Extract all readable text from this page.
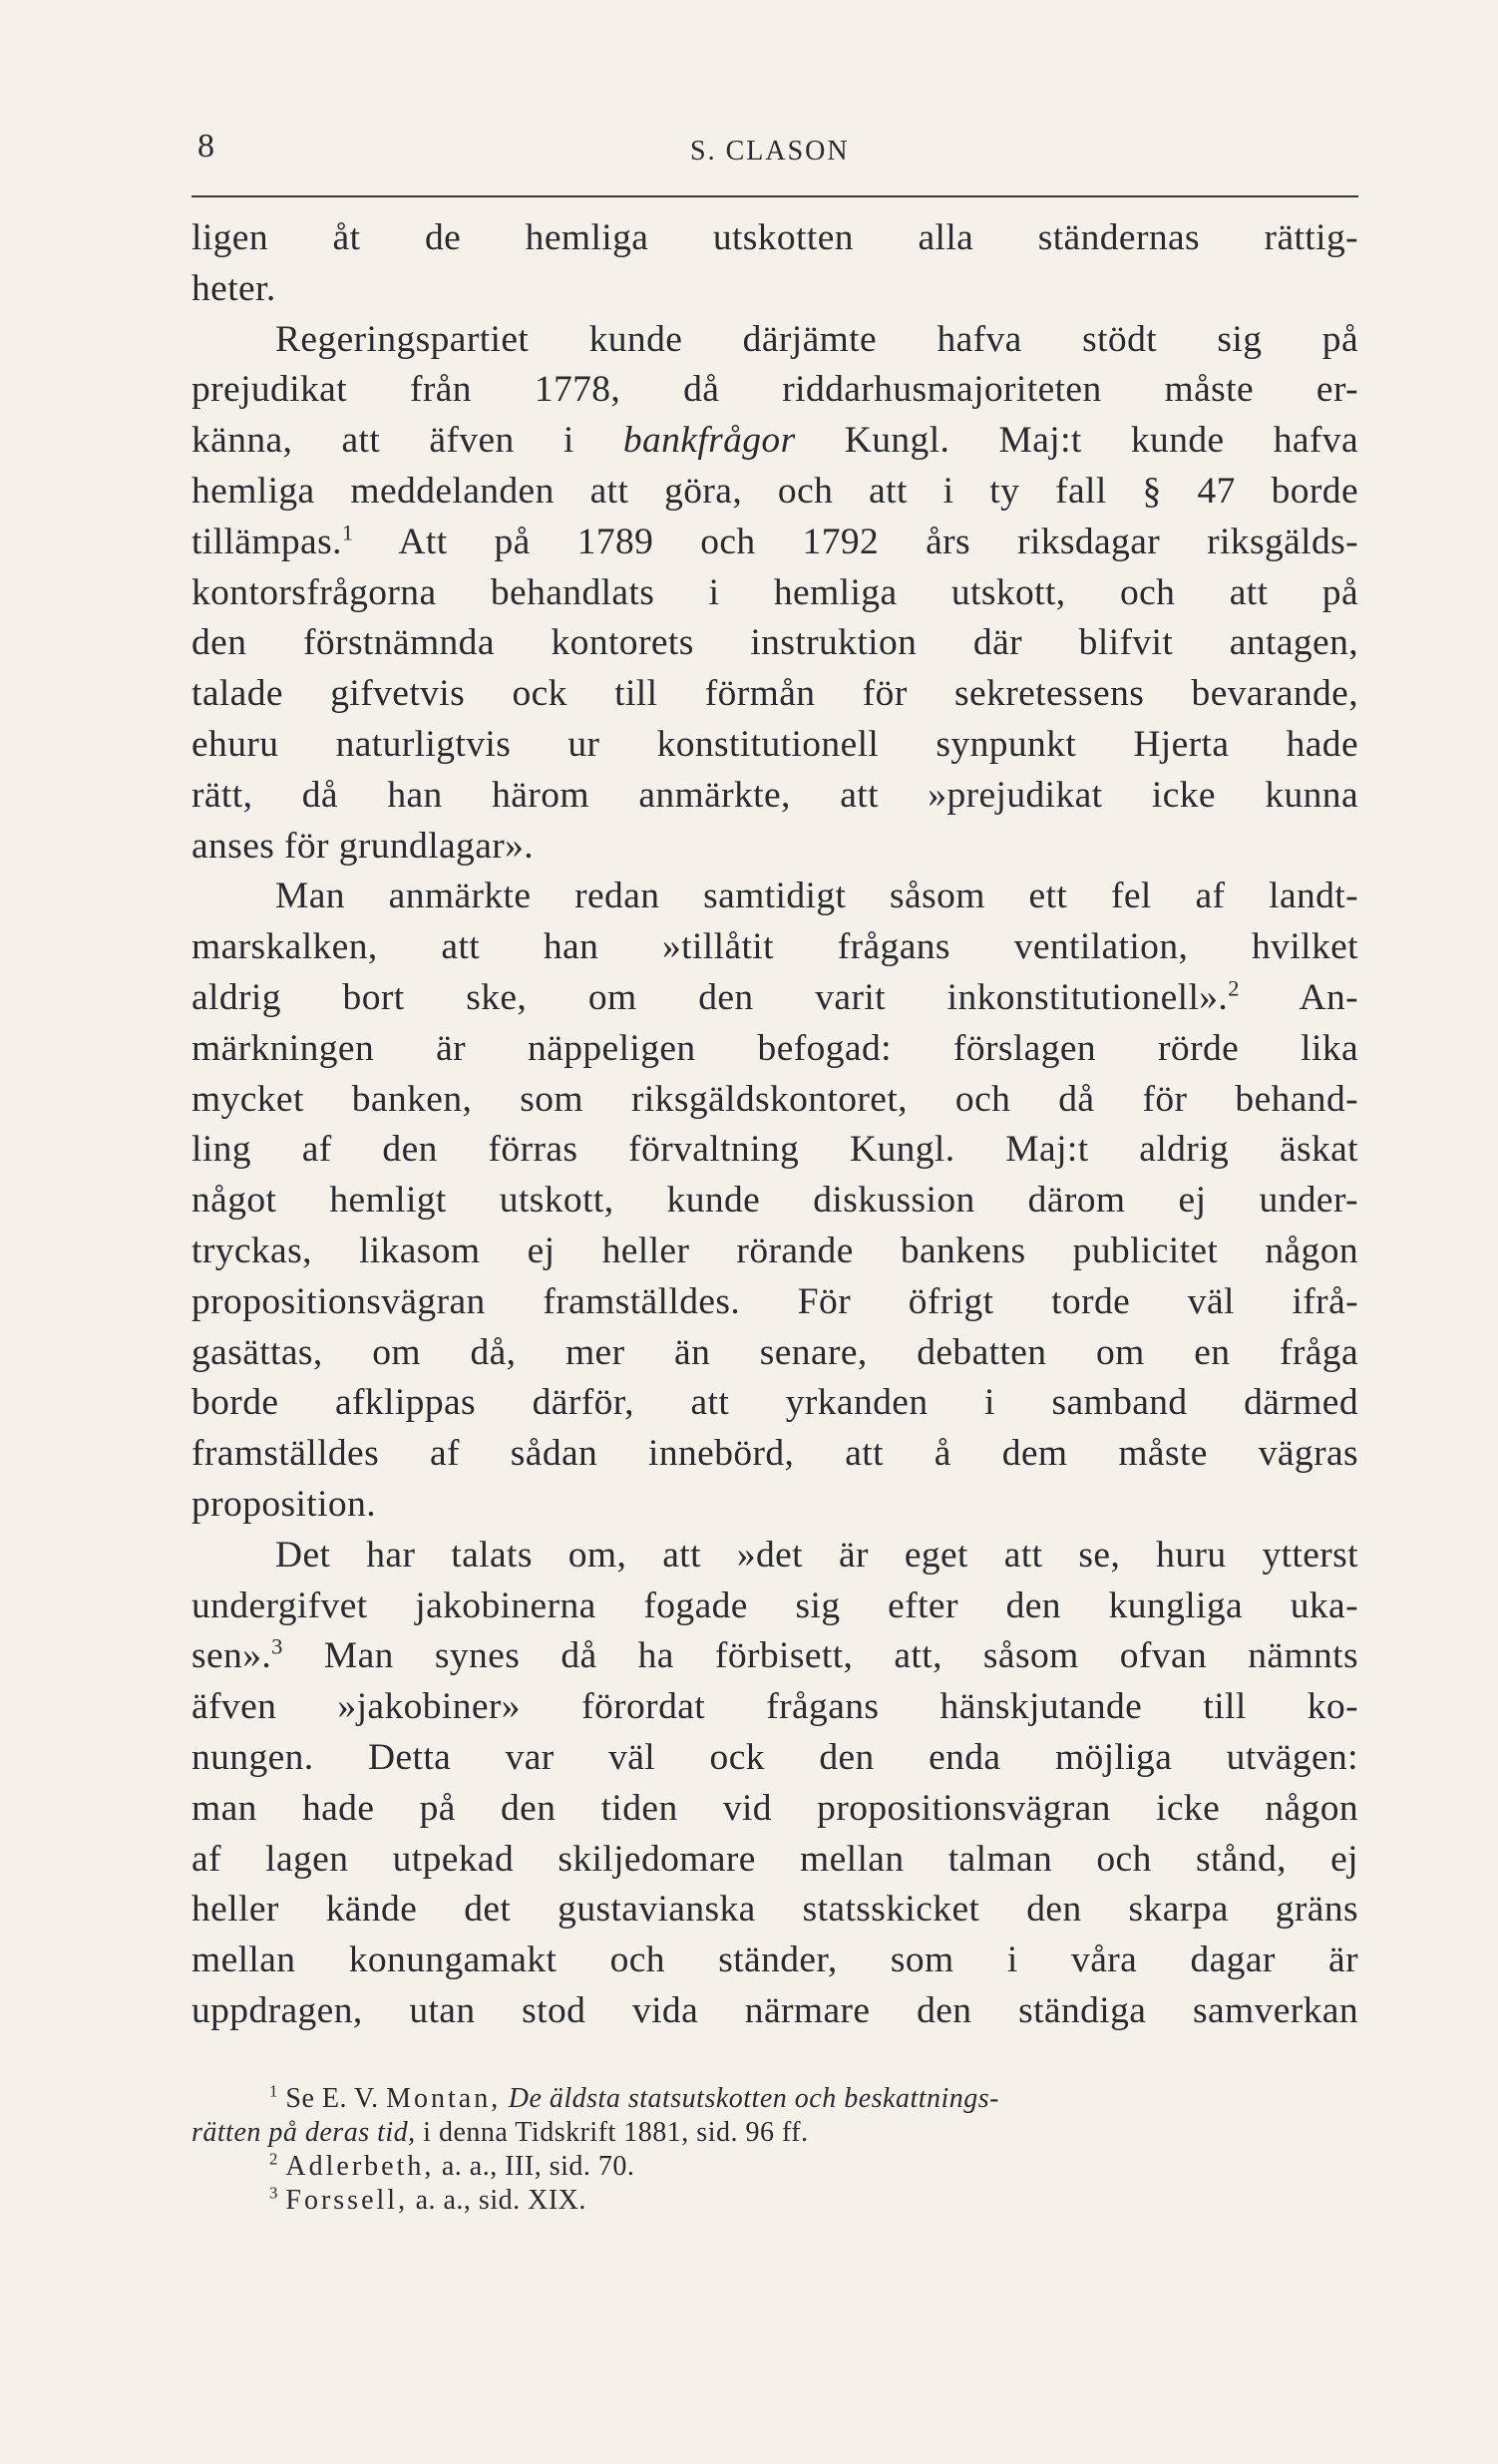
8	S. CLASON
ligen åt de hemliga utskotten alla ständernas rättig-
heter.
Regeringspartiet kunde därjämte hafva stödt sig på
prejudikat från 1778, då riddarhusmajoriteten måste er-
känna, att äfven i bankfrågor Kungl. Maj:t kunde hafva
hemliga meddelanden att göra, och att i ty fall § 47 borde
tillämpas.$^1$ Att på 1789 och 1792 års riksdagar riksgälds-
kontorsfrågorna behandlats i hemliga utskott, och att på
den förstnämnda kontorets instruktion där blifvit antagen,
talade gifvetvis ock till förmån för sekretessens bevarande,
ehuru naturligtvis ur konstitutionell synpunkt Hjerta hade
rätt, då han härom anmärkte, att »prejudikat icke kunna
anses för grundlagar».
Man anmärkte redan samtidigt såsom ett fel af landt-
marskalken, att han »tillåtit frågans ventilation, hvilket
aldrig bort ske, om den varit inkonstitutionell».$^2$ An-
märkningen är näppeligen befogad: förslagen rörde lika
mycket banken, som riksgäldskontoret, och då för behand-
ling af den förras förvaltning Kungl. Maj:t aldrig äskat
något hemligt utskott, kunde diskussion därom ej under-
tryckas, likasom ej heller rörande bankens publicitet någon
propositionsvägran framställdes. För öfrigt torde väl ifrå-
gasättas, om då, mer än senare, debatten om en fråga
borde afklippas därför, att yrkanden i samband därmed
framställdes af sådan innebörd, att å dem måste vägras
proposition.
Det har talats om, att »det är eget att se, huru ytterst
undergifvet jakobinerna fogade sig efter den kungliga uka-
sen».$^3$ Man synes då ha förbisett, att, såsom ofvan nämnts
äfven »jakobiner» förordat frågans hänskjutande till ko-
nungen. Detta var väl ock den enda möjliga utvägen:
man hade på den tiden vid propositionsvägran icke någon
af lagen utpekad skiljedomare mellan talman och stånd, ej
heller kände det gustavianska statsskicket den skarpa gräns
mellan konungamakt och ständer, som i våra dagar är
uppdragen, utan stod vida närmare den ständiga samverkan
$^1$ Se E. V. Montan, De äldsta statsutskotten och beskattnings-
rätten på deras tid, i denna Tidskrift 1881, sid. 96 ff.
$^2$ Adlerbeth, a. a., III, sid. 70.
$^3$ Forssell, a. a., sid. XIX.
